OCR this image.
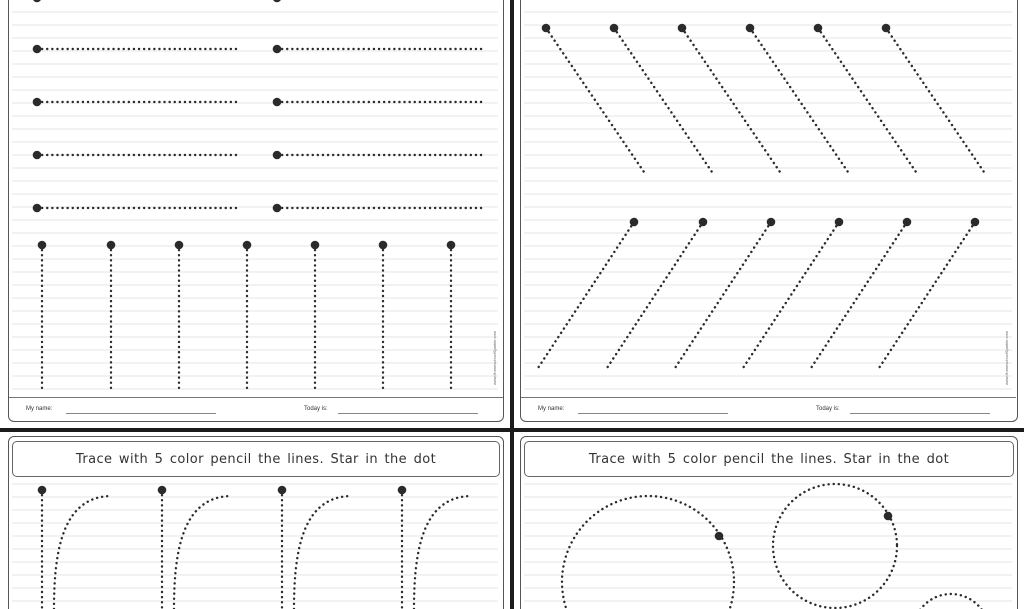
My name:	Today is:
www.HomeschoolSparkle.com
My name:	Today is:
www.HomeschoolSparkle.com
Trace with 5 color pencil the lines. Star in the dot	Trace with 5 color pencil the lines. Star in the dot
